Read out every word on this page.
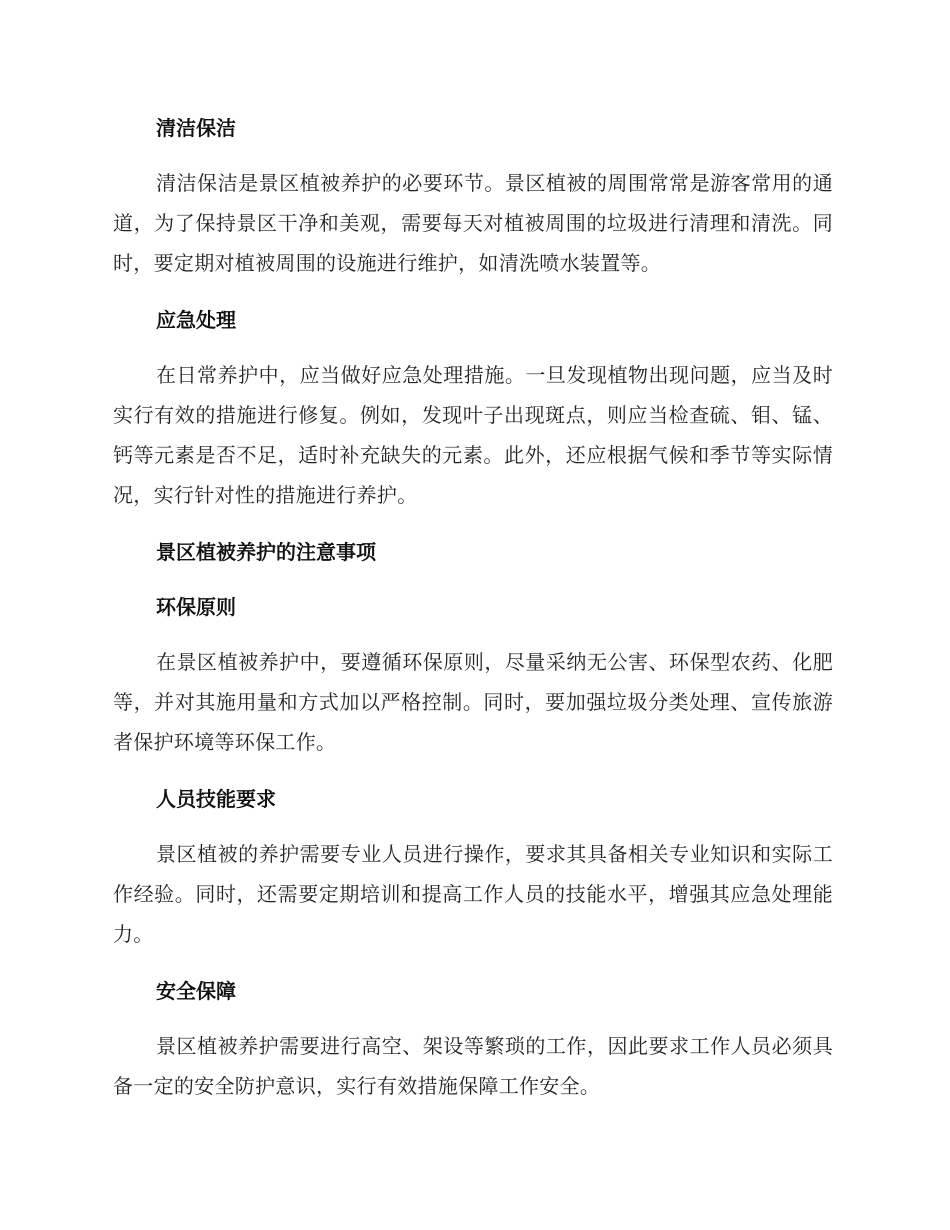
清洁保洁

清洁保洁是景区植被养护的必要环节。景区植被的周围常常是游客常用的通道，为了保持景区干净和美观，需要每天对植被周围的垃圾进行清理和清洗。同时，要定期对植被周围的设施进行维护，如清洗喷水装置等。

应急处理

在日常养护中，应当做好应急处理措施。一旦发现植物出现问题，应当及时实行有效的措施进行修复。例如，发现叶子出现斑点，则应当检查硫、钼、锰、钙等元素是否不足，适时补充缺失的元素。此外，还应根据气候和季节等实际情况，实行针对性的措施进行养护。

景区植被养护的注意事项
环保原则

在景区植被养护中，要遵循环保原则，尽量采纳无公害、环保型农药、化肥等，并对其施用量和方式加以严格控制。同时，要加强垃圾分类处理、宣传旅游者保护环境等环保工作。

人员技能要求

景区植被的养护需要专业人员进行操作，要求其具备相关专业知识和实际工作经验。同时，还需要定期培训和提高工作人员的技能水平，增强其应急处理能力。

安全保障

景区植被养护需要进行高空、架设等繁琐的工作，因此要求工作人员必须具备一定的安全防护意识，实行有效措施保障工作安全。
